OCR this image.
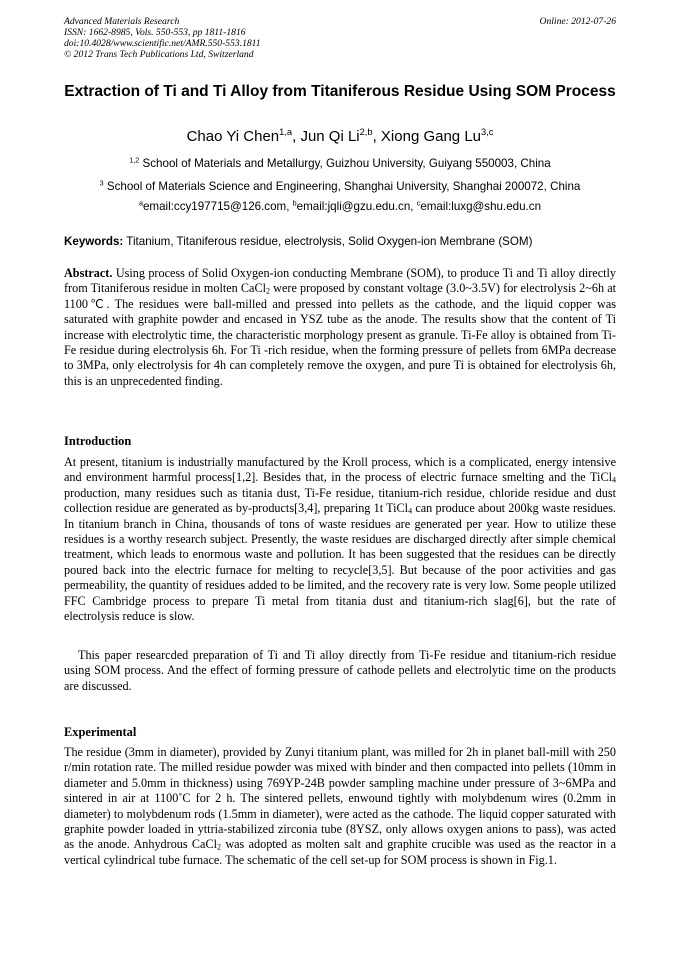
Advanced Materials Research
ISSN: 1662-8985, Vols. 550-553, pp 1811-1816
doi:10.4028/www.scientific.net/AMR.550-553.1811
© 2012 Trans Tech Publications Ltd, Switzerland
Online: 2012-07-26
Extraction of Ti and Ti Alloy from Titaniferous Residue Using SOM Process
Chao Yi Chen$^{1,a}$, Jun Qi Li$^{2,b}$, Xiong Gang Lu$^{3,c}$
$^{1,2}$ School of Materials and Metallurgy, Guizhou University, Guiyang 550003, China
$^3$ School of Materials Science and Engineering, Shanghai University, Shanghai 200072, China
$^a$email:ccy197715@126.com, $^b$email:jqli@gzu.edu.cn, $^c$email:luxg@shu.edu.cn
Keywords: Titanium, Titaniferous residue, electrolysis, Solid Oxygen-ion Membrane (SOM)
Abstract. Using process of Solid Oxygen-ion conducting Membrane (SOM), to produce Ti and Ti alloy directly from Titaniferous residue in molten CaCl$_2$ were proposed by constant voltage (3.0~3.5V) for electrolysis 2~6h at 1100℃. The residues were ball-milled and pressed into pellets as the cathode, and the liquid copper was saturated with graphite powder and encased in YSZ tube as the anode. The results show that the content of Ti increase with electrolytic time, the characteristic morphology present as granule. Ti-Fe alloy is obtained from Ti-Fe residue during electrolysis 6h. For Ti -rich residue, when the forming pressure of pellets from 6MPa decrease to 3MPa, only electrolysis for 4h can completely remove the oxygen, and pure Ti is obtained for electrolysis 6h, this is an unprecedented finding.
Introduction
At present, titanium is industrially manufactured by the Kroll process, which is a complicated, energy intensive and environment harmful process[1,2]. Besides that, in the process of electric furnace smelting and the TiCl$_4$ production, many residues such as titania dust, Ti-Fe residue, titanium-rich residue, chloride residue and dust collection residue are generated as by-products[3,4], preparing 1t TiCl$_4$ can produce about 200kg waste residues. In titanium branch in China, thousands of tons of waste residues are generated per year. How to utilize these residues is a worthy research subject. Presently, the waste residues are discharged directly after simple chemical treatment, which leads to enormous waste and pollution. It has been suggested that the residues can be directly poured back into the electric furnace for melting to recycle[3,5]. But because of the poor activities and gas permeability, the quantity of residues added to be limited, and the recovery rate is very low. Some people utilized FFC Cambridge process to prepare Ti metal from titania dust and titanium-rich slag[6], but the rate of electrolysis reduce is slow.
This paper researcded preparation of Ti and Ti alloy directly from Ti-Fe residue and titanium-rich residue using SOM process. And the effect of forming pressure of cathode pellets and electrolytic time on the products are discussed.
Experimental
The residue (3mm in diameter), provided by Zunyi titanium plant, was milled for 2h in planet ball-mill with 250 r/min rotation rate. The milled residue powder was mixed with binder and then compacted into pellets (10mm in diameter and 5.0mm in thickness) using 769YP-24B powder sampling machine under pressure of 3~6MPa and sintered in air at 1100˚C for 2 h. The sintered pellets, enwound tightly with molybdenum wires (0.2mm in diameter) to molybdenum rods (1.5mm in diameter), were acted as the cathode. The liquid copper saturated with graphite powder loaded in yttria-stabilized zirconia tube (8YSZ, only allows oxygen anions to pass), was acted as the anode. Anhydrous CaCl$_2$ was adopted as molten salt and graphite crucible was used as the reactor in a vertical cylindrical tube furnace. The schematic of the cell set-up for SOM process is shown in Fig.1.
